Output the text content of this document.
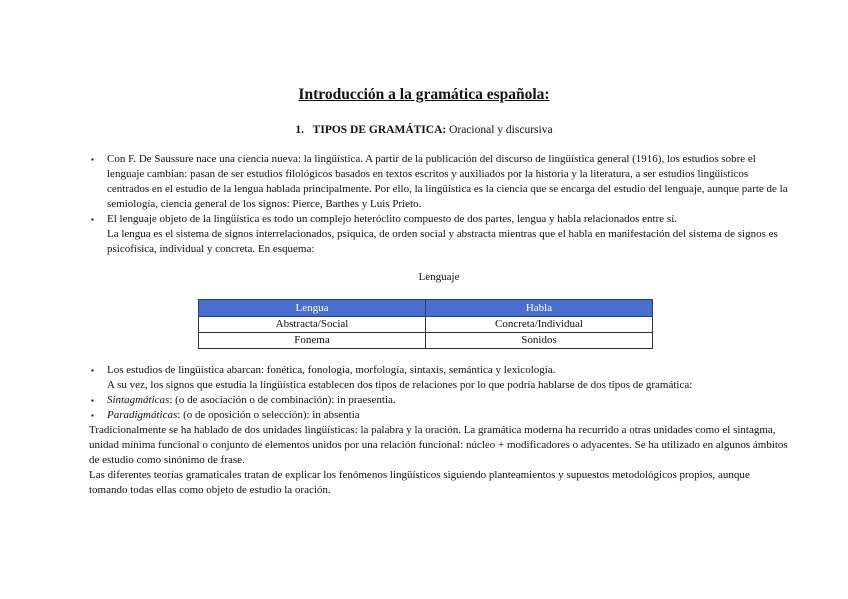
Introducción a la gramática española:
1. TIPOS DE GRAMÁTICA: Oracional y discursiva
▪ Con F. De Saussure nace una ciencia nueva: la lingüística. A partir de la publicación del discurso de lingüística general (1916), los estudios sobre el lenguaje cambian: pasan de ser estudios filológicos basados en textos escritos y auxiliados por la historia y la literatura, a ser estudios lingüísticos centrados en el estudio de la lengua hablada principalmente. Por ello, la lingüística es la ciencia que se encarga del estudio del lenguaje, aunque parte de la semiología, ciencia general de los signos: Pierce, Barthes y Luis Prieto.
▪ El lenguaje objeto de la lingüística es todo un complejo heteróclito compuesto de dos partes, lengua y habla relacionados entre sí.
La lengua es el sistema de signos interrelacionados, psíquica, de orden social y abstracta mientras que el habla en manifestación del sistema de signos es psicofísica, individual y concreta. En esquema:
Lenguaje
Lengua	Habla
Abstracta/Social	Concreta/Individual
Fonema	Sonidos
▪ Los estudios de lingüística abarcan: fonética, fonología, morfología, sintaxis, semántica y lexicología.
A su vez, los signos que estudia la lingüística establecen dos tipos de relaciones por lo que podría hablarse de dos tipos de gramática:
▪ Sintagmáticas: (o de asociación o de combinación): in praesentia.
▪ Paradigmáticas: (o de oposición o selección): in absentia
Tradicionalmente se ha hablado de dos unidades lingüísticas: la palabra y la oración. La gramática moderna ha recurrido a otras unidades como el sintagma, unidad mínima funcional o conjunto de elementos unidos por una relación funcional: núcleo + modificadores o adyacentes. Se ha utilizado en algunos ámbitos de estudio como sinónimo de frase.
Las diferentes teorías gramaticales tratan de explicar los fenómenos lingüísticos siguiendo planteamientos y supuestos metodológicos propios, aunque tomando todas ellas como objeto de estudio la oración.
